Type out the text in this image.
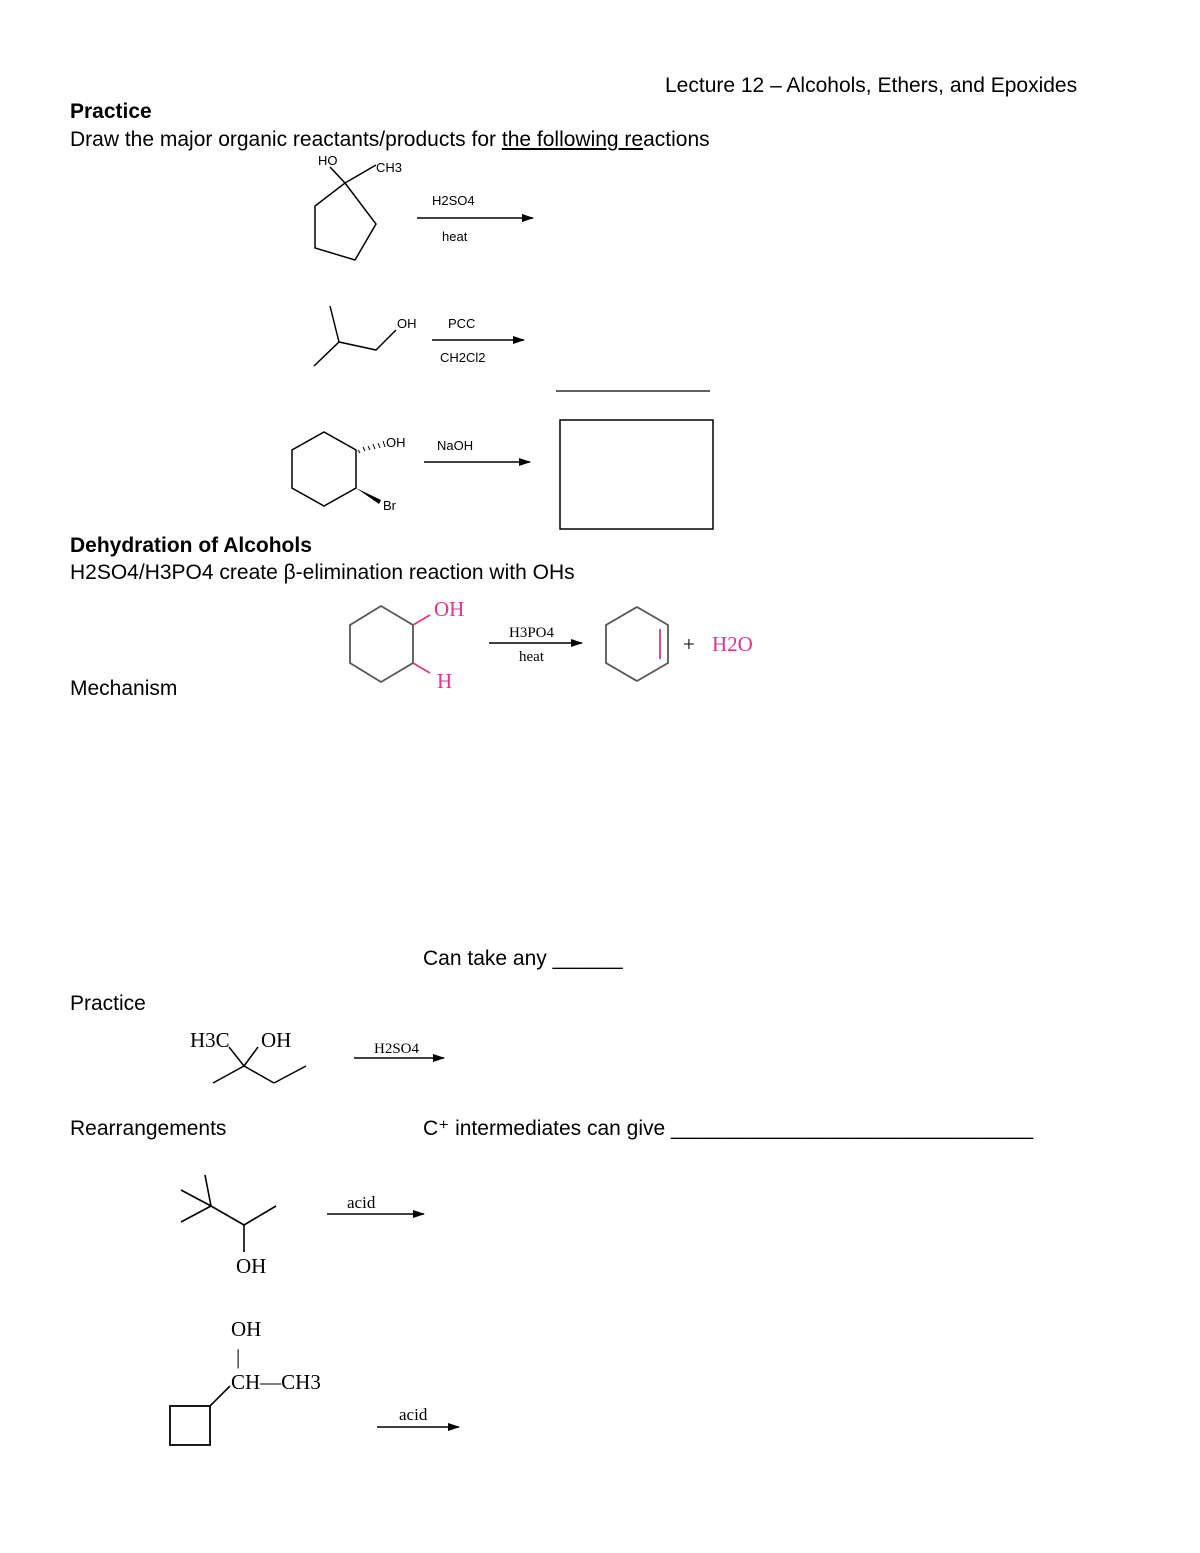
Lecture 12 – Alcohols, Ethers, and Epoxides
Practice
Draw the major organic reactants/products for the following reactions
Dehydration of Alcohols
H2SO4/H3PO4 create β-elimination reaction with OHs
Mechanism
Can take any ______
Practice
Rearrangements	C⁺ intermediates can give _______________________________
HO	CH3
H2SO4
heat
OH PCC
CH2Cl2
OH
Br
NaOH
OH
H
H3PO4
heat
+ H2O
H3C OH	H2SO4
OH
acid
OH
|
CH—CH3
acid
